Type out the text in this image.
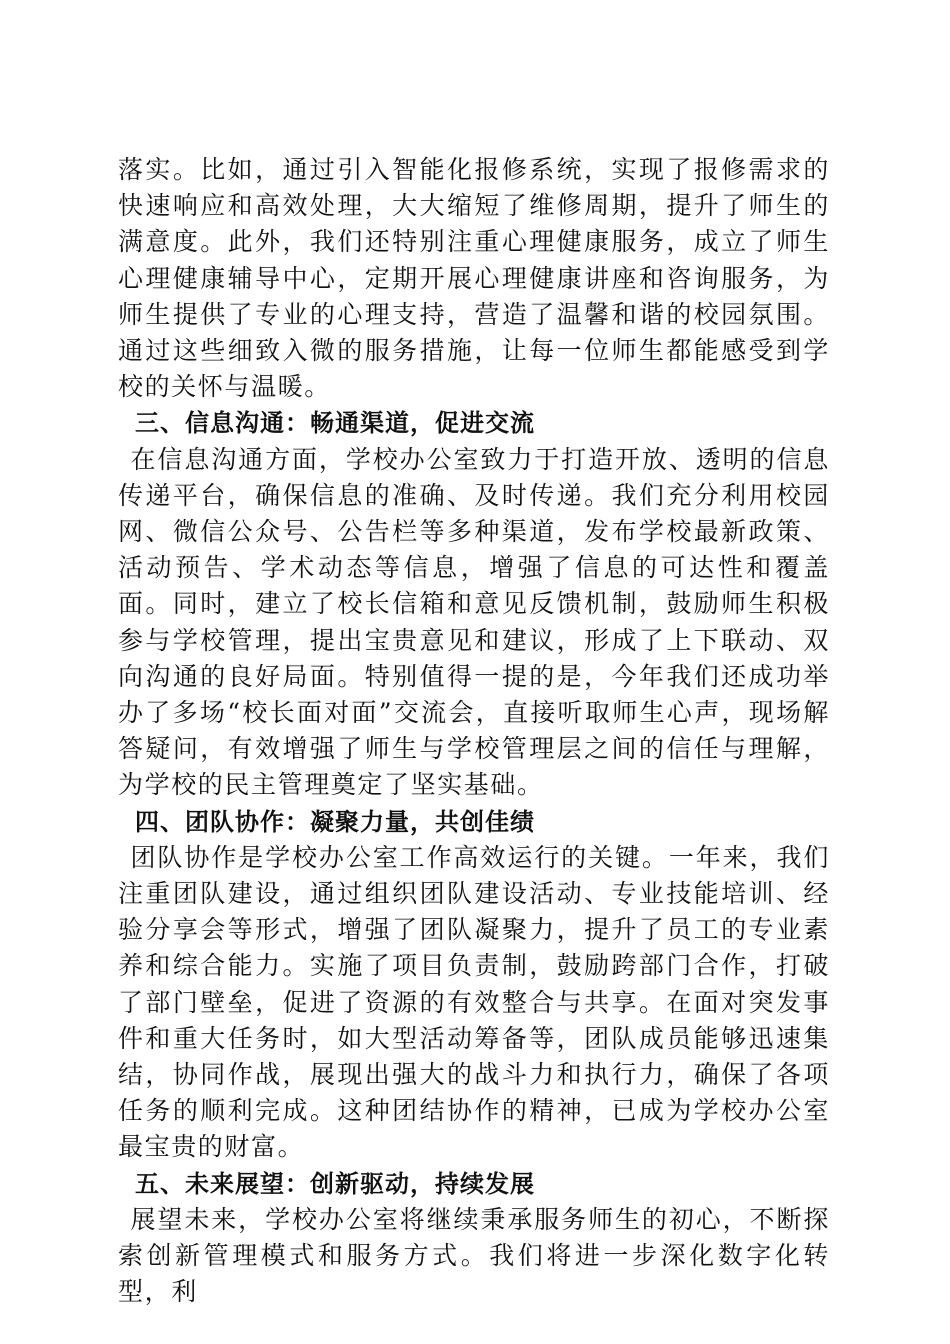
落实。比如，通过引入智能化报修系统，实现了报修需求的快速响应和高效处理，大大缩短了维修周期，提升了师生的满意度。此外，我们还特别注重心理健康服务，成立了师生心理健康辅导中心，定期开展心理健康讲座和咨询服务，为师生提供了专业的心理支持，营造了温馨和谐的校园氛围。通过这些细致入微的服务措施，让每一位师生都能感受到学校的关怀与温暖。

三、信息沟通：畅通渠道，促进交流

在信息沟通方面，学校办公室致力于打造开放、透明的信息传递平台，确保信息的准确、及时传递。我们充分利用校园网、微信公众号、公告栏等多种渠道，发布学校最新政策、活动预告、学术动态等信息，增强了信息的可达性和覆盖面。同时，建立了校长信箱和意见反馈机制，鼓励师生积极参与学校管理，提出宝贵意见和建议，形成了上下联动、双向沟通的良好局面。特别值得一提的是，今年我们还成功举办了多场“校长面对面”交流会，直接听取师生心声，现场解答疑问，有效增强了师生与学校管理层之间的信任与理解，为学校的民主管理奠定了坚实基础。

四、团队协作：凝聚力量，共创佳绩

团队协作是学校办公室工作高效运行的关键。一年来，我们注重团队建设，通过组织团队建设活动、专业技能培训、经验分享会等形式，增强了团队凝聚力，提升了员工的专业素养和综合能力。实施了项目负责制，鼓励跨部门合作，打破了部门壁垒，促进了资源的有效整合与共享。在面对突发事件和重大任务时，如大型活动筹备等，团队成员能够迅速集结，协同作战，展现出强大的战斗力和执行力，确保了各项任务的顺利完成。这种团结协作的精神，已成为学校办公室最宝贵的财富。

五、未来展望：创新驱动，持续发展

展望未来，学校办公室将继续秉承服务师生的初心，不断探索创新管理模式和服务方式。我们将进一步深化数字化转型，利
